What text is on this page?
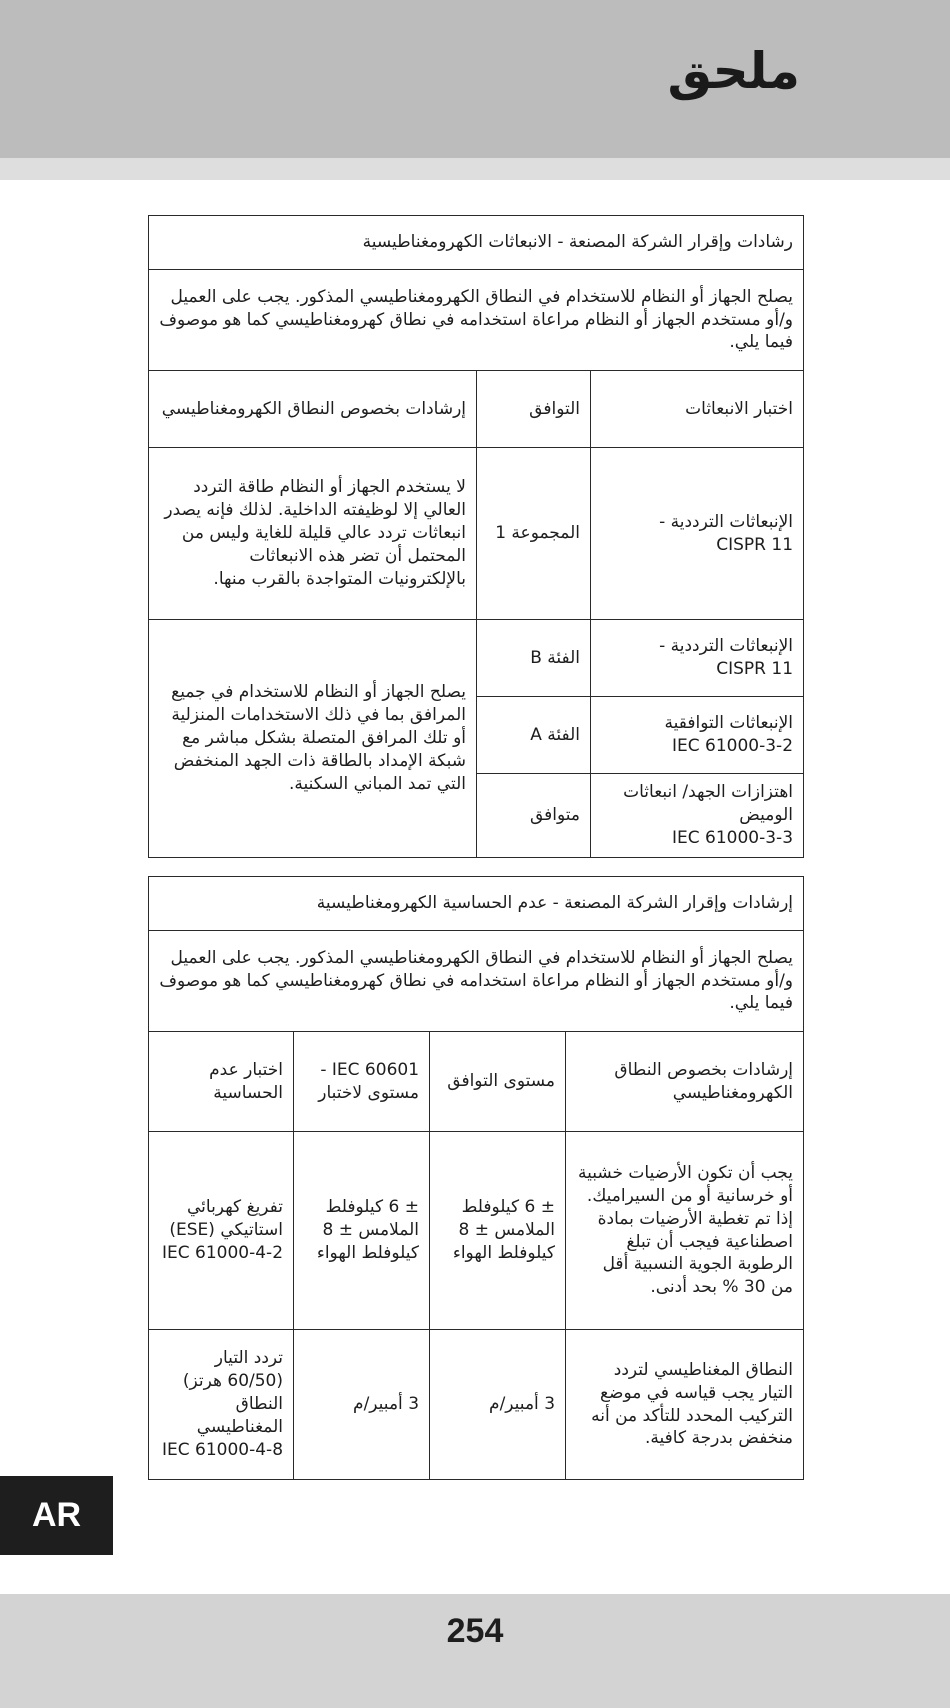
ملحق
رشادات وإقرار الشركة المصنعة - الانبعاثات الكهرومغناطيسية		
يصلح الجهاز أو النظام للاستخدام في النطاق الكهرومغناطيسي المذكور. يجب على العميل و/أو مستخدم الجهاز أو النظام مراعاة استخدامه في نطاق كهرومغناطيسي كما هو موصوف فيما يلي.		
اختبار الانبعاثات	التوافق	إرشادات بخصوص النطاق الكهرومغناطيسي
الإنبعاثات الترددية -
CISPR 11	المجموعة 1	لا يستخدم الجهاز أو النظام طاقة التردد العالي إلا لوظيفته الداخلية. لذلك فإنه يصدر انبعاثات تردد عالي قليلة للغاية وليس من المحتمل أن تضر هذه الانبعاثات بالإلكترونيات المتواجدة بالقرب منها.
الإنبعاثات الترددية -
CISPR 11	الفئة B	يصلح الجهاز أو النظام للاستخدام في جميع المرافق بما في ذلك الاستخدامات المنزلية أو تلك المرافق المتصلة بشكل مباشر مع شبكة الإمداد بالطاقة ذات الجهد المنخفض التي تمد المباني السكنية.
الإنبعاثات التوافقية
IEC 61000-3-2	الفئة A	
اهتزازات الجهد/ انبعاثات الوميض
IEC 61000-3-3	متوافق	
إرشادات وإقرار الشركة المصنعة - عدم الحساسية الكهرومغناطيسية			
يصلح الجهاز أو النظام للاستخدام في النطاق الكهرومغناطيسي المذكور. يجب على العميل و/أو مستخدم الجهاز أو النظام مراعاة استخدامه في نطاق كهرومغناطيسي كما هو موصوف فيما يلي.			
إرشادات بخصوص النطاق الكهرومغناطيسي	مستوى التوافق	IEC 60601 - مستوى لاختبار	اختبار عدم الحساسية
يجب أن تكون الأرضيات خشبية أو خرسانية أو من السيراميك. إذا تم تغطية الأرضيات بمادة اصطناعية فيجب أن تبلغ الرطوبة الجوية النسبية أقل من 30 % بحد أدنى.	± 6 كيلوفلط الملامس ± 8 كيلوفلط الهواء	± 6 كيلوفلط الملامس ± 8 كيلوفلط الهواء	تفريغ كهربائي استاتيكي (ESE)
IEC 61000-4-2

النطاق المغناطيسي لتردد التيار يجب قياسه في موضع التركيب المحدد للتأكد من أنه منخفض بدرجة كافية.	3 أمبير/م	3 أمبير/م	تردد التيار (60/50 هرتز) النطاق المغناطيسي
IEC 61000-4-8
AR
254
